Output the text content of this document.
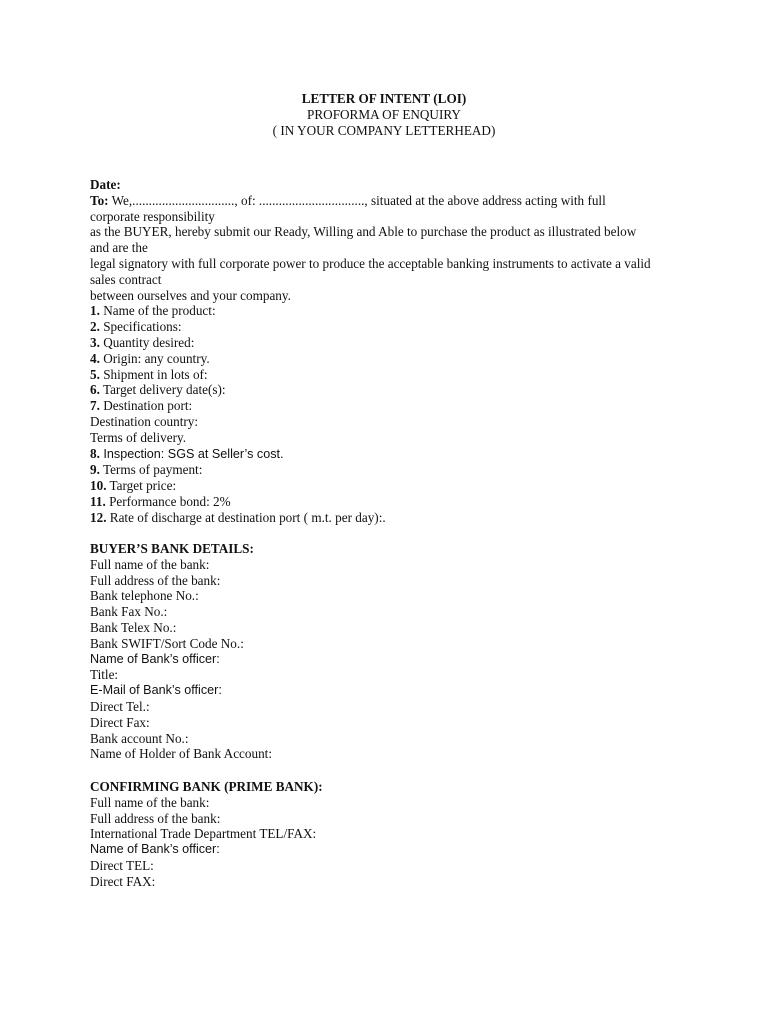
LETTER OF INTENT (LOI)
PROFORMA OF ENQUIRY
( IN YOUR COMPANY LETTERHEAD)
Date:
To: We,..............................., of: ................................, situated at the above address acting with full
corporate responsibility
as the BUYER, hereby submit our Ready, Willing and Able to purchase the product as illustrated below
and are the
legal signatory with full corporate power to produce the acceptable banking instruments to activate a valid
sales contract
between ourselves and your company.
1. Name of the product:
2. Specifications:
3. Quantity desired:
4. Origin: any country.
5. Shipment in lots of:
6. Target delivery date(s):
7. Destination port:
Destination country:
Terms of delivery.
8. Inspection: SGS at Seller’s cost.
9. Terms of payment:
10. Target price:
11. Performance bond: 2%
12. Rate of discharge at destination port ( m.t. per day):.
BUYER’S BANK DETAILS:
Full name of the bank:
Full address of the bank:
Bank telephone No.:
Bank Fax No.:
Bank Telex No.:
Bank SWIFT/Sort Code No.:
Name of Bank’s officer:
Title:
E-Mail of Bank’s officer:
Direct Tel.:
Direct Fax:
Bank account No.:
Name of Holder of Bank Account:
CONFIRMING BANK (PRIME BANK):
Full name of the bank:
Full address of the bank:
International Trade Department TEL/FAX:
Name of Bank’s officer:
Direct TEL:
Direct FAX:
